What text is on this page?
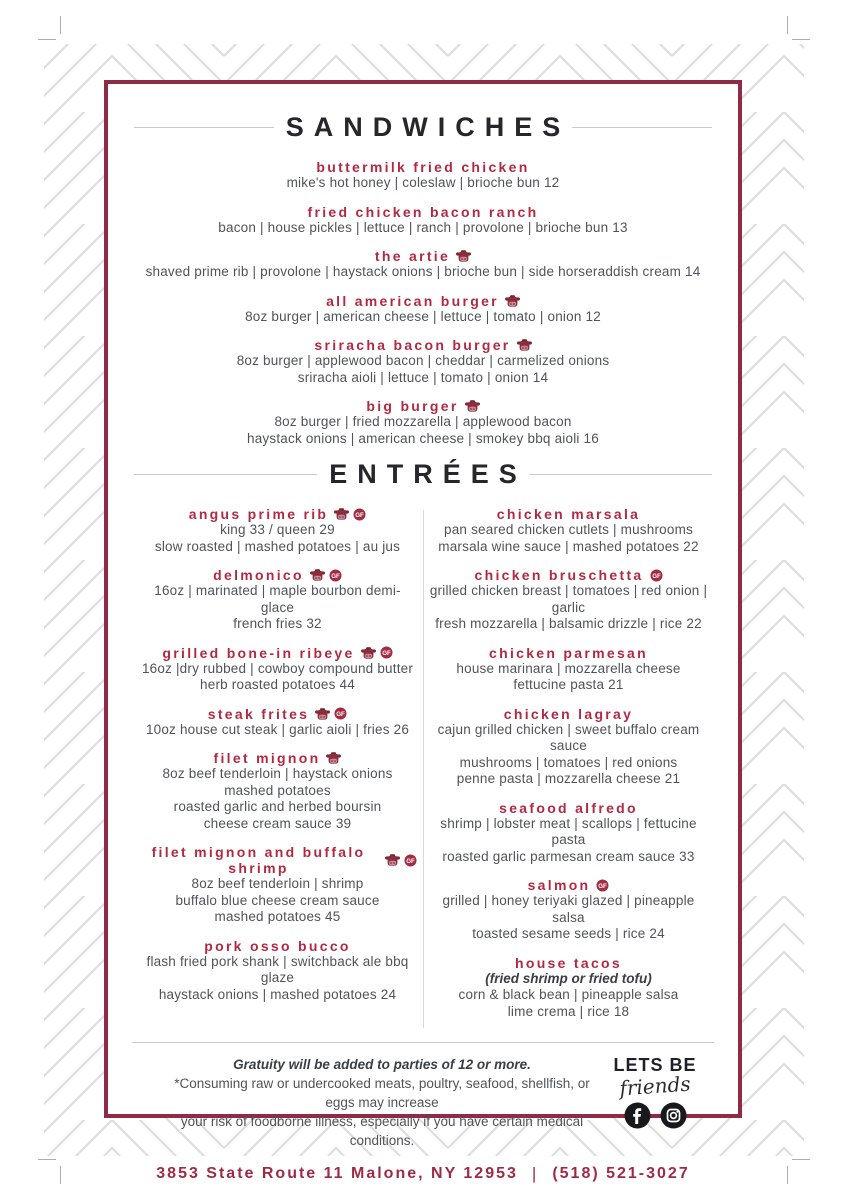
SANDWICHES
buttermilk fried chicken
mike's hot honey | coleslaw | brioche bun 12
fried chicken bacon ranch
bacon | house pickles | lettuce | ranch | provolone | brioche bun 13
the artie
shaved prime rib | provolone | haystack onions | brioche bun | side horseraddish cream 14
all american burger
8oz burger | american cheese | lettuce | tomato | onion 12
sriracha bacon burger
8oz burger | applewood bacon | cheddar | carmelized onions
sriracha aioli | lettuce | tomato | onion 14
big burger
8oz burger | fried mozzarella | applewood bacon
haystack onions | american cheese | smokey bbq aioli 16
ENTRÉES
angus prime rib	GF
king 33 / queen 29
slow roasted | mashed potatoes | au jus
delmonico	GF
16oz | marinated | maple bourbon demi-glace
french fries 32
grilled bone-in ribeye	GF
16oz |dry rubbed | cowboy compound butter
herb roasted potatoes 44
steak frites	GF
10oz house cut steak | garlic aioli | fries 26
filet mignon
8oz beef tenderloin | haystack onions
mashed potatoes
roasted garlic and herbed boursin
cheese cream sauce 39
filet mignon and buffalo shrimp	GF
8oz beef tenderloin | shrimp
buffalo blue cheese cream sauce
mashed potatoes 45
pork osso bucco
flash fried pork shank | switchback ale bbq glaze
haystack onions | mashed potatoes 24
chicken marsala
pan seared chicken cutlets | mushrooms
marsala wine sauce | mashed potatoes 22
chicken bruschetta GF
grilled chicken breast | tomatoes | red onion | garlic
fresh mozzarella | balsamic drizzle | rice 22
chicken parmesan
house marinara | mozzarella cheese
fettucine pasta 21
chicken lagray
cajun grilled chicken | sweet buffalo cream sauce
mushrooms | tomatoes | red onions
penne pasta | mozzarella cheese 21
seafood alfredo
shrimp | lobster meat | scallops | fettucine pasta
roasted garlic parmesan cream sauce 33
salmon GF
grilled | honey teriyaki glazed | pineapple salsa
toasted sesame seeds | rice 24
house tacos
(fried shrimp or fried tofu)
corn & black bean | pineapple salsa
lime crema | rice 18
Gratuity will be added to parties of 12 or more.
*Consuming raw or undercooked meats, poultry, seafood, shellfish, or eggs may increase
your risk of foodborne illness, especially if you have certain medical conditions.
LETS BE
friends
3853 State Route 11 Malone, NY 12953 | (518) 521-3027
